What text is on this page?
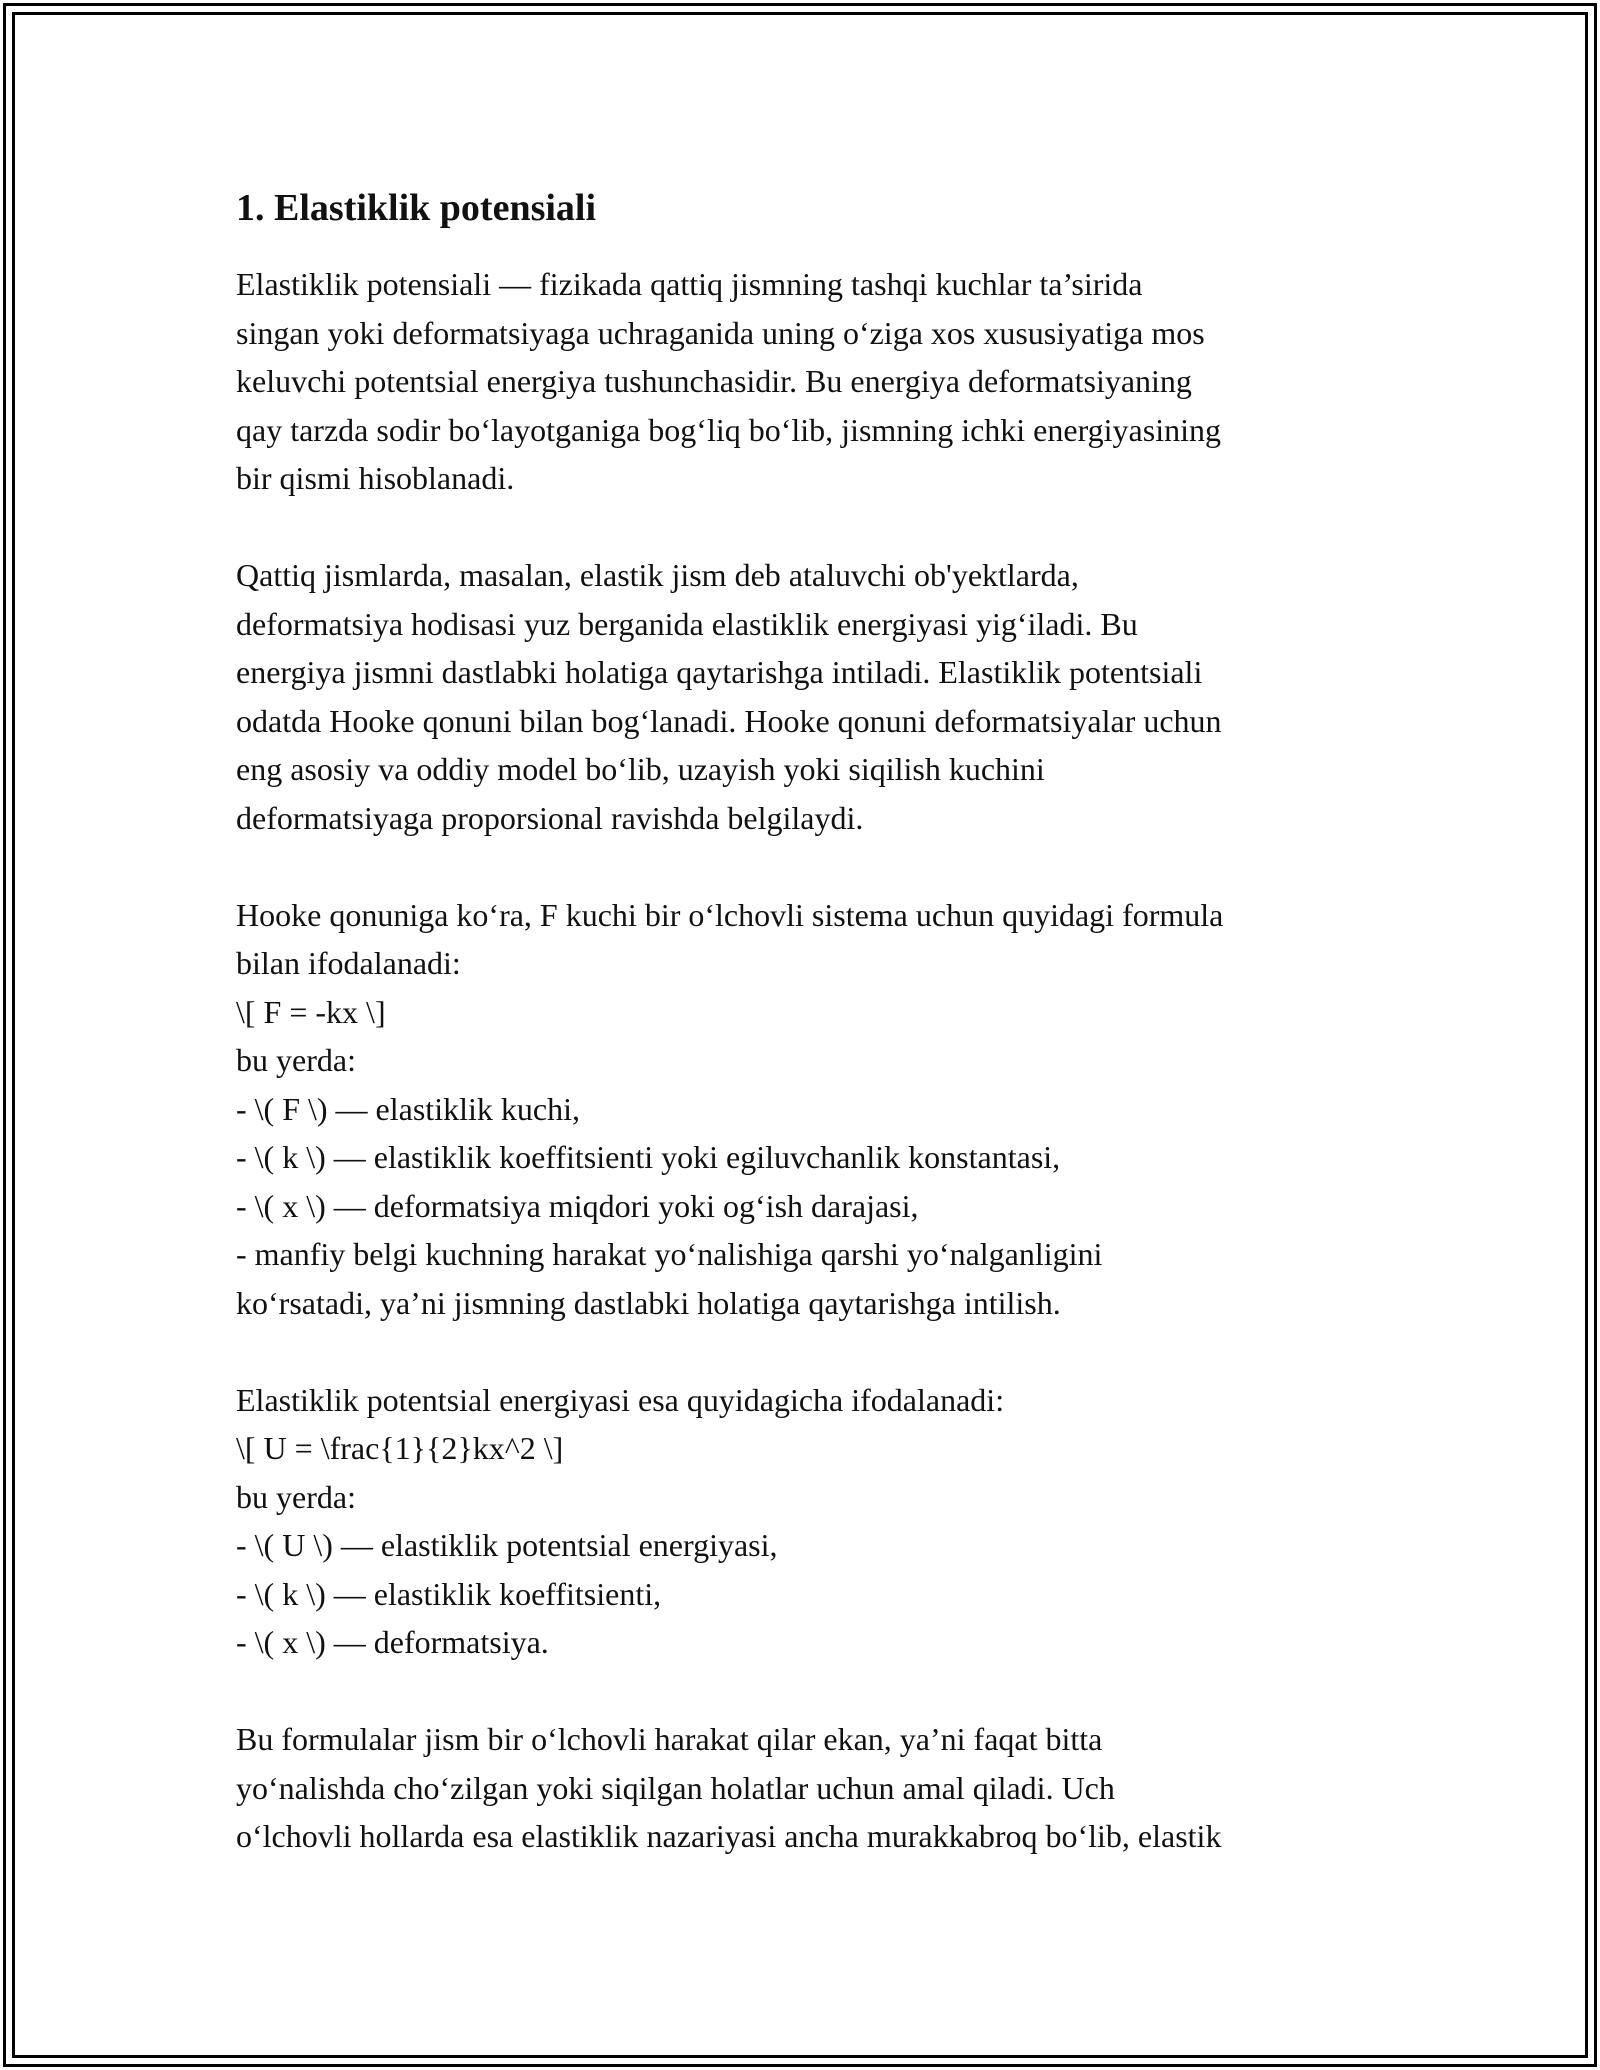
1. Elastiklik potensiali
Elastiklik potensiali — fizikada qattiq jismning tashqi kuchlar ta’sirida
singan yoki deformatsiyaga uchraganida uning o‘ziga xos xususiyatiga mos
keluvchi potentsial energiya tushunchasidir. Bu energiya deformatsiyaning
qay tarzda sodir bo‘layotganiga bog‘liq bo‘lib, jismning ichki energiyasining
bir qismi hisoblanadi.
Qattiq jismlarda, masalan, elastik jism deb ataluvchi ob'yektlarda,
deformatsiya hodisasi yuz berganida elastiklik energiyasi yig‘iladi. Bu
energiya jismni dastlabki holatiga qaytarishga intiladi. Elastiklik potentsiali
odatda Hooke qonuni bilan bog‘lanadi. Hooke qonuni deformatsiyalar uchun
eng asosiy va oddiy model bo‘lib, uzayish yoki siqilish kuchini
deformatsiyaga proporsional ravishda belgilaydi.
Hooke qonuniga ko‘ra, F kuchi bir o‘lchovli sistema uchun quyidagi formula
bilan ifodalanadi:
\[ F = -kx \]
bu yerda:
- \( F \) — elastiklik kuchi,
- \( k \) — elastiklik koeffitsienti yoki egiluvchanlik konstantasi,
- \( x \) — deformatsiya miqdori yoki og‘ish darajasi,
- manfiy belgi kuchning harakat yo‘nalishiga qarshi yo‘nalganligini
ko‘rsatadi, ya’ni jismning dastlabki holatiga qaytarishga intilish.
Elastiklik potentsial energiyasi esa quyidagicha ifodalanadi:
\[ U = \frac{1}{2}kx^2 \]
bu yerda:
- \( U \) — elastiklik potentsial energiyasi,
- \( k \) — elastiklik koeffitsienti,
- \( x \) — deformatsiya.
Bu formulalar jism bir o‘lchovli harakat qilar ekan, ya’ni faqat bitta
yo‘nalishda cho‘zilgan yoki siqilgan holatlar uchun amal qiladi. Uch
o‘lchovli hollarda esa elastiklik nazariyasi ancha murakkabroq bo‘lib, elastik
